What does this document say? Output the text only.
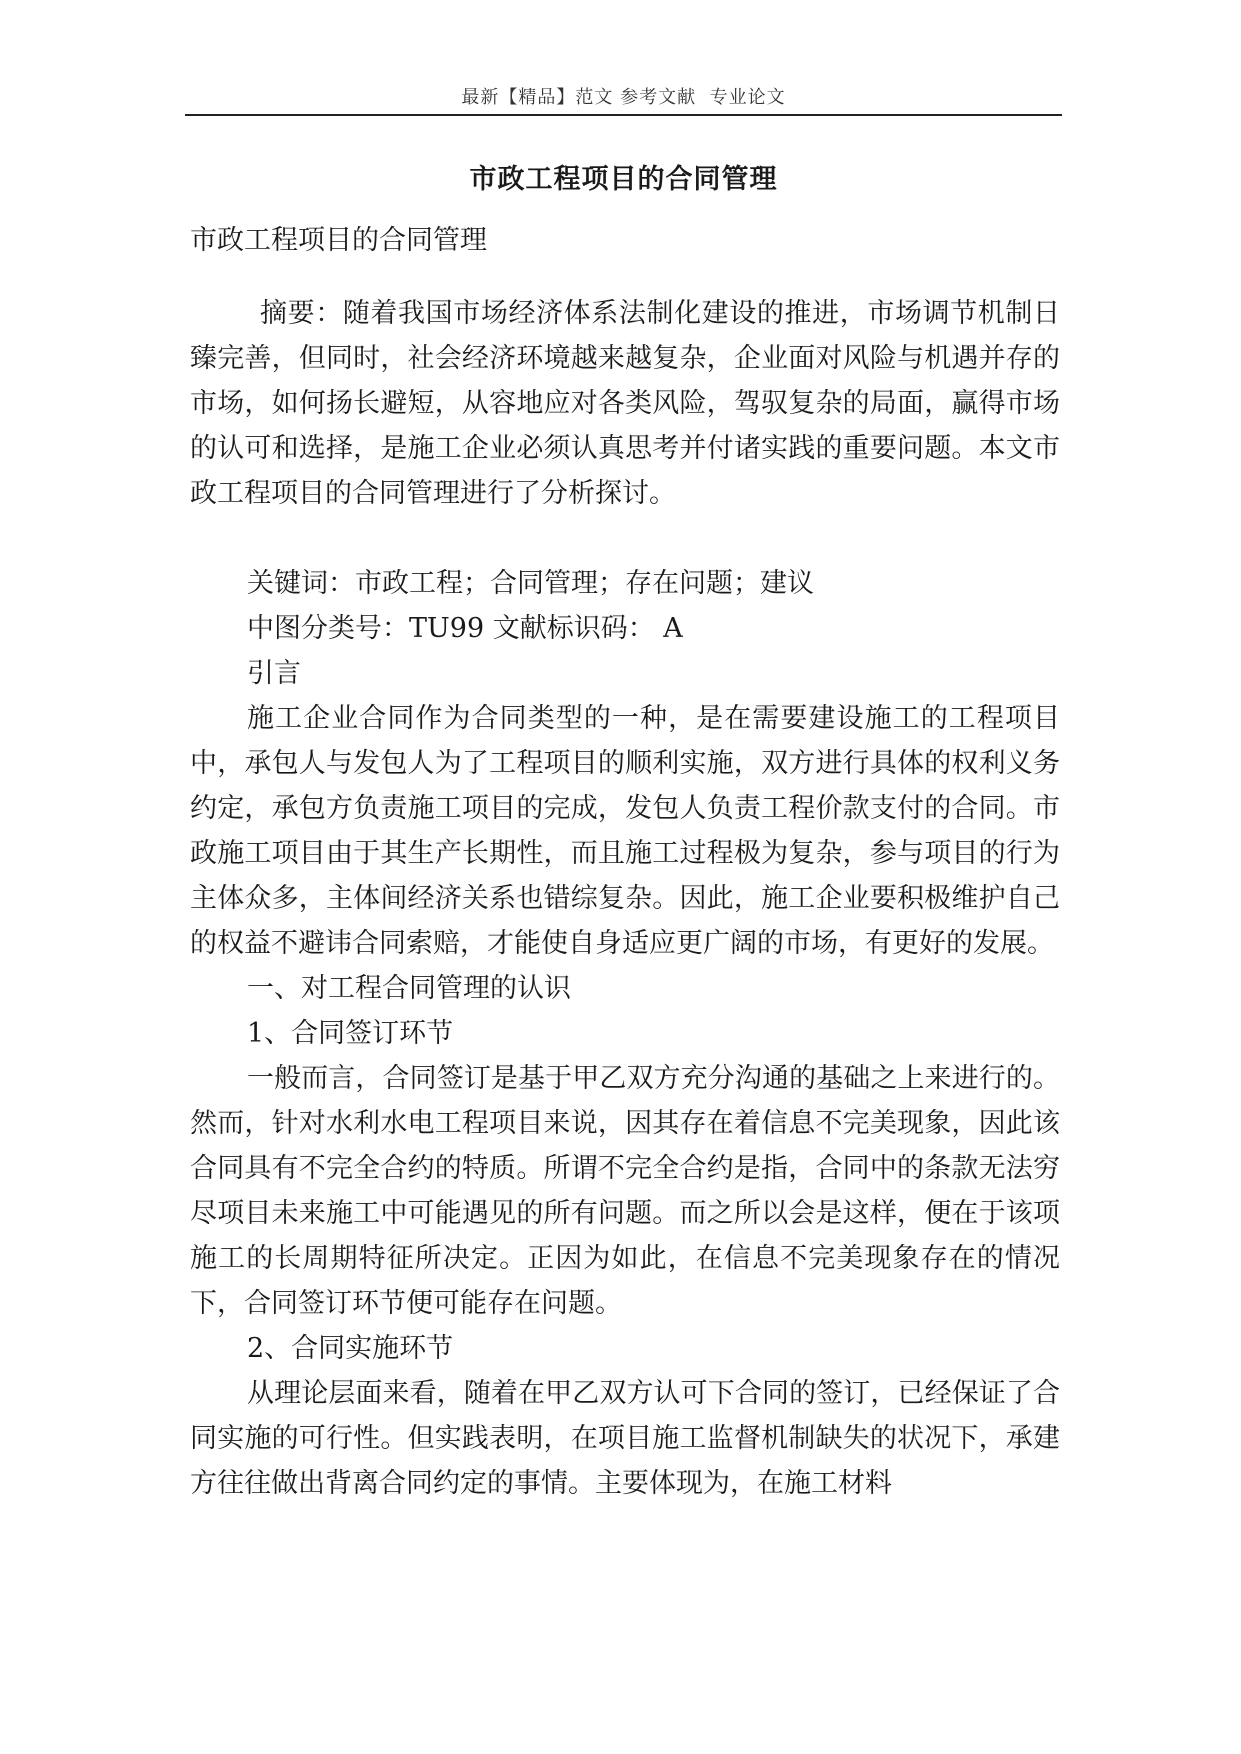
最新【精品】范文 参考文献  专业论文
市政工程项目的合同管理

市政工程项目的合同管理

摘要：随着我国市场经济体系法制化建设的推进，市场调节机制日臻完善，但同时，社会经济环境越来越复杂，企业面对风险与机遇并存的市场，如何扬长避短，从容地应对各类风险，驾驭复杂的局面，赢得市场的认可和选择，是施工企业必须认真思考并付诸实践的重要问题。本文市政工程项目的合同管理进行了分析探讨。

关键词：市政工程；合同管理；存在问题；建议

中图分类号：TU99 文献标识码： A

引言

施工企业合同作为合同类型的一种，是在需要建设施工的工程项目中，承包人与发包人为了工程项目的顺利实施，双方进行具体的权利义务约定，承包方负责施工项目的完成，发包人负责工程价款支付的合同。市政施工项目由于其生产长期性，而且施工过程极为复杂，参与项目的行为主体众多，主体间经济关系也错综复杂。因此，施工企业要积极维护自己的权益不避讳合同索赔，才能使自身适应更广阔的市场，有更好的发展。

一、对工程合同管理的认识

1、合同签订环节

一般而言，合同签订是基于甲乙双方充分沟通的基础之上来进行的。然而，针对水利水电工程项目来说，因其存在着信息不完美现象，因此该合同具有不完全合约的特质。所谓不完全合约是指，合同中的条款无法穷尽项目未来施工中可能遇见的所有问题。而之所以会是这样，便在于该项施工的长周期特征所决定。正因为如此，在信息不完美现象存在的情况下，合同签订环节便可能存在问题。

2、合同实施环节

从理论层面来看，随着在甲乙双方认可下合同的签订，已经保证了合同实施的可行性。但实践表明，在项目施工监督机制缺失的状况下，承建方往往做出背离合同约定的事情。主要体现为，在施工材料
